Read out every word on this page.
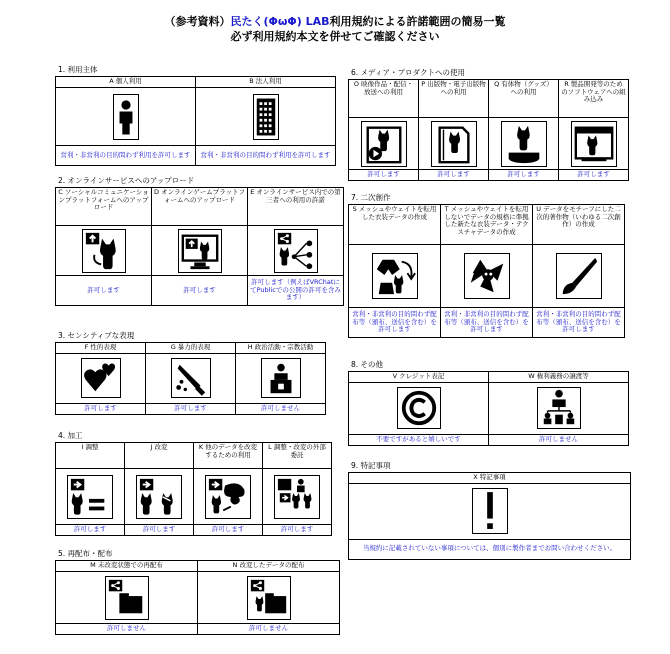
（参考資料）民たく(ΦωΦ) LAB利用規約による許諾範囲の簡易一覧
必ず利用規約本文を併せてご確認ください
1. 利用主体
A 個人利用	B 法人利用

営利・非営利の目的問わず利用を許可します	営利・非営利の目的問わず利用を許可します
2. オンラインサービスへのアップロード
C ソーシャルコミュニケーションプラットフォームへのアップロード	D オンラインゲームプラットフォームへのアップロード	E オンラインサービス内での第三者への利用の許諾

許可します	許可します	許可します（例えばVRChatにてPublicでの公開の許可を含みます）
3. センシティブな表現
F 性的表現	G 暴力的表現	H 政治活動・宗教活動

許可します	許可します	許可しません
4. 加工
I 調整	J 改変	K 他のデータを改変するための利用	L 調整・改変の外部委託

許可します	許可します	許可します	許可します
5. 再配布・配布
M 未改変状態での再配布	N 改変したデータの配布

許可しません	許可しません
6. メディア・プロダクトへの使用
O 映像作品・配信・放送への利用	P 出版物・電子出版物への利用	Q 有体物（グッズ）への利用	R 製品開発等のためのソフトウェアへの組み込み

許可します	許可します	許可します	許可します
7. 二次創作
S メッシュやウェイトを転用した衣装データの作成	T メッシュやウェイトを転用しないでデータの規格に準拠した新たな衣装データ・テクスチャデータの作成	U データをモチーフにした二次的著作物（いわゆる二次創作）の作成

営利・非営利の目的問わず配布等（頒布、送信を含む）を許可します	営利・非営利の目的問わず配布等（頒布、送信を含む）を許可します	営利・非営利の目的問わず配布等（頒布、送信を含む）を許可します
8. その他
V クレジット表記	W 権利義務の譲渡等

不要ですがあると嬉しいです	許可しません
9. 特記事項
X 特記事項

当規約に記載されていない事項については、個別に製作者までお問い合わせください。
